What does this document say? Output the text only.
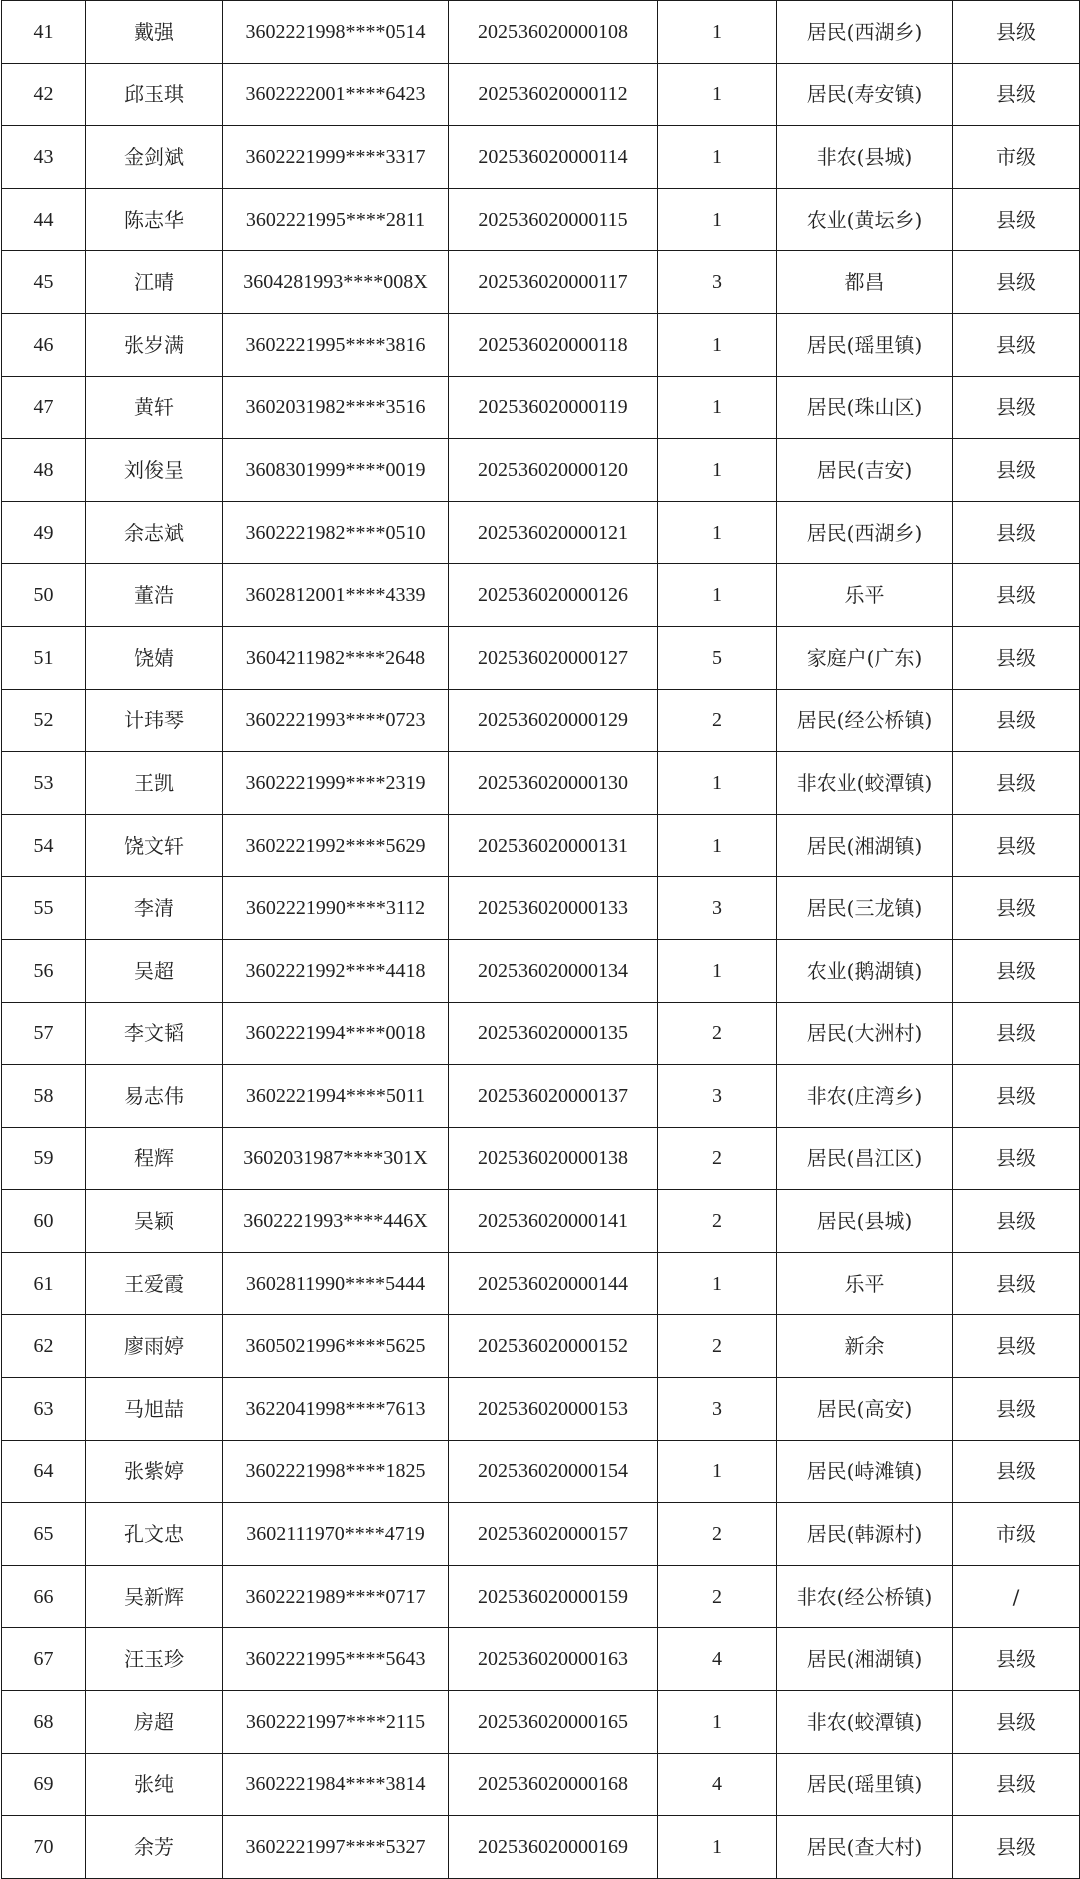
41	戴强	3602221998****0514	202536020000108	1	居民(西湖乡)	县级
42	邱玉琪	3602222001****6423	202536020000112	1	居民(寿安镇)	县级
43	金剑斌	3602221999****3317	202536020000114	1	非农(县城)	市级
44	陈志华	3602221995****2811	202536020000115	1	农业(黄坛乡)	县级
45	江晴	3604281993****008X	202536020000117	3	都昌	县级
46	张岁满	3602221995****3816	202536020000118	1	居民(瑶里镇)	县级
47	黄轩	3602031982****3516	202536020000119	1	居民(珠山区)	县级
48	刘俊呈	3608301999****0019	202536020000120	1	居民(吉安)	县级
49	余志斌	3602221982****0510	202536020000121	1	居民(西湖乡)	县级
50	董浩	3602812001****4339	202536020000126	1	乐平	县级
51	饶婧	3604211982****2648	202536020000127	5	家庭户(广东)	县级
52	计玮琴	3602221993****0723	202536020000129	2	居民(经公桥镇)	县级
53	王凯	3602221999****2319	202536020000130	1	非农业(蛟潭镇)	县级
54	饶文轩	3602221992****5629	202536020000131	1	居民(湘湖镇)	县级
55	李清	3602221990****3112	202536020000133	3	居民(三龙镇)	县级
56	吴超	3602221992****4418	202536020000134	1	农业(鹅湖镇)	县级
57	李文韬	3602221994****0018	202536020000135	2	居民(大洲村)	县级
58	易志伟	3602221994****5011	202536020000137	3	非农(庄湾乡)	县级
59	程辉	3602031987****301X	202536020000138	2	居民(昌江区)	县级
60	吴颖	3602221993****446X	202536020000141	2	居民(县城)	县级
61	王爱霞	3602811990****5444	202536020000144	1	乐平	县级
62	廖雨婷	3605021996****5625	202536020000152	2	新余	县级
63	马旭喆	3622041998****7613	202536020000153	3	居民(高安)	县级
64	张紫婷	3602221998****1825	202536020000154	1	居民(峙滩镇)	县级
65	孔文忠	3602111970****4719	202536020000157	2	居民(韩源村)	市级
66	吴新辉	3602221989****0717	202536020000159	2	非农(经公桥镇)	/
67	汪玉珍	3602221995****5643	202536020000163	4	居民(湘湖镇)	县级
68	房超	3602221997****2115	202536020000165	1	非农(蛟潭镇)	县级
69	张纯	3602221984****3814	202536020000168	4	居民(瑶里镇)	县级
70	余芳	3602221997****5327	202536020000169	1	居民(查大村)	县级
